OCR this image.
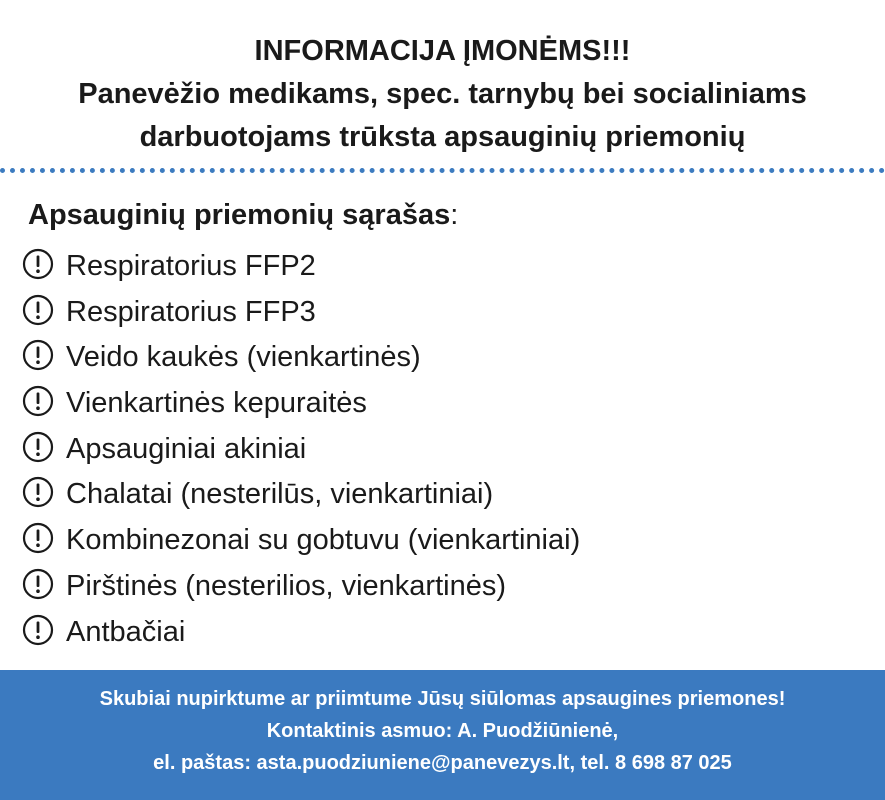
INFORMACIJA ĮMONĖMS!!!
Panevėžio medikams, spec. tarnybų bei socialiniams
darbuotojams trūksta apsauginių priemonių
Apsauginių priemonių sąrašas:
Respiratorius FFP2
Respiratorius FFP3
Veido kaukės (vienkartinės)
Vienkartinės kepuraitės
Apsauginiai akiniai
Chalatai (nesterilūs, vienkartiniai)
Kombinezonai su gobtuvu (vienkartiniai)
Pirštinės (nesterilios, vienkartinės)
Antbačiai
Skubiai nupirktume ar priimtume Jūsų siūlomas apsaugines priemones!
Kontaktinis asmuo: A. Puodžiūnienė,
el. paštas: asta.puodziuniene@panevezys.lt, tel. 8 698 87 025
